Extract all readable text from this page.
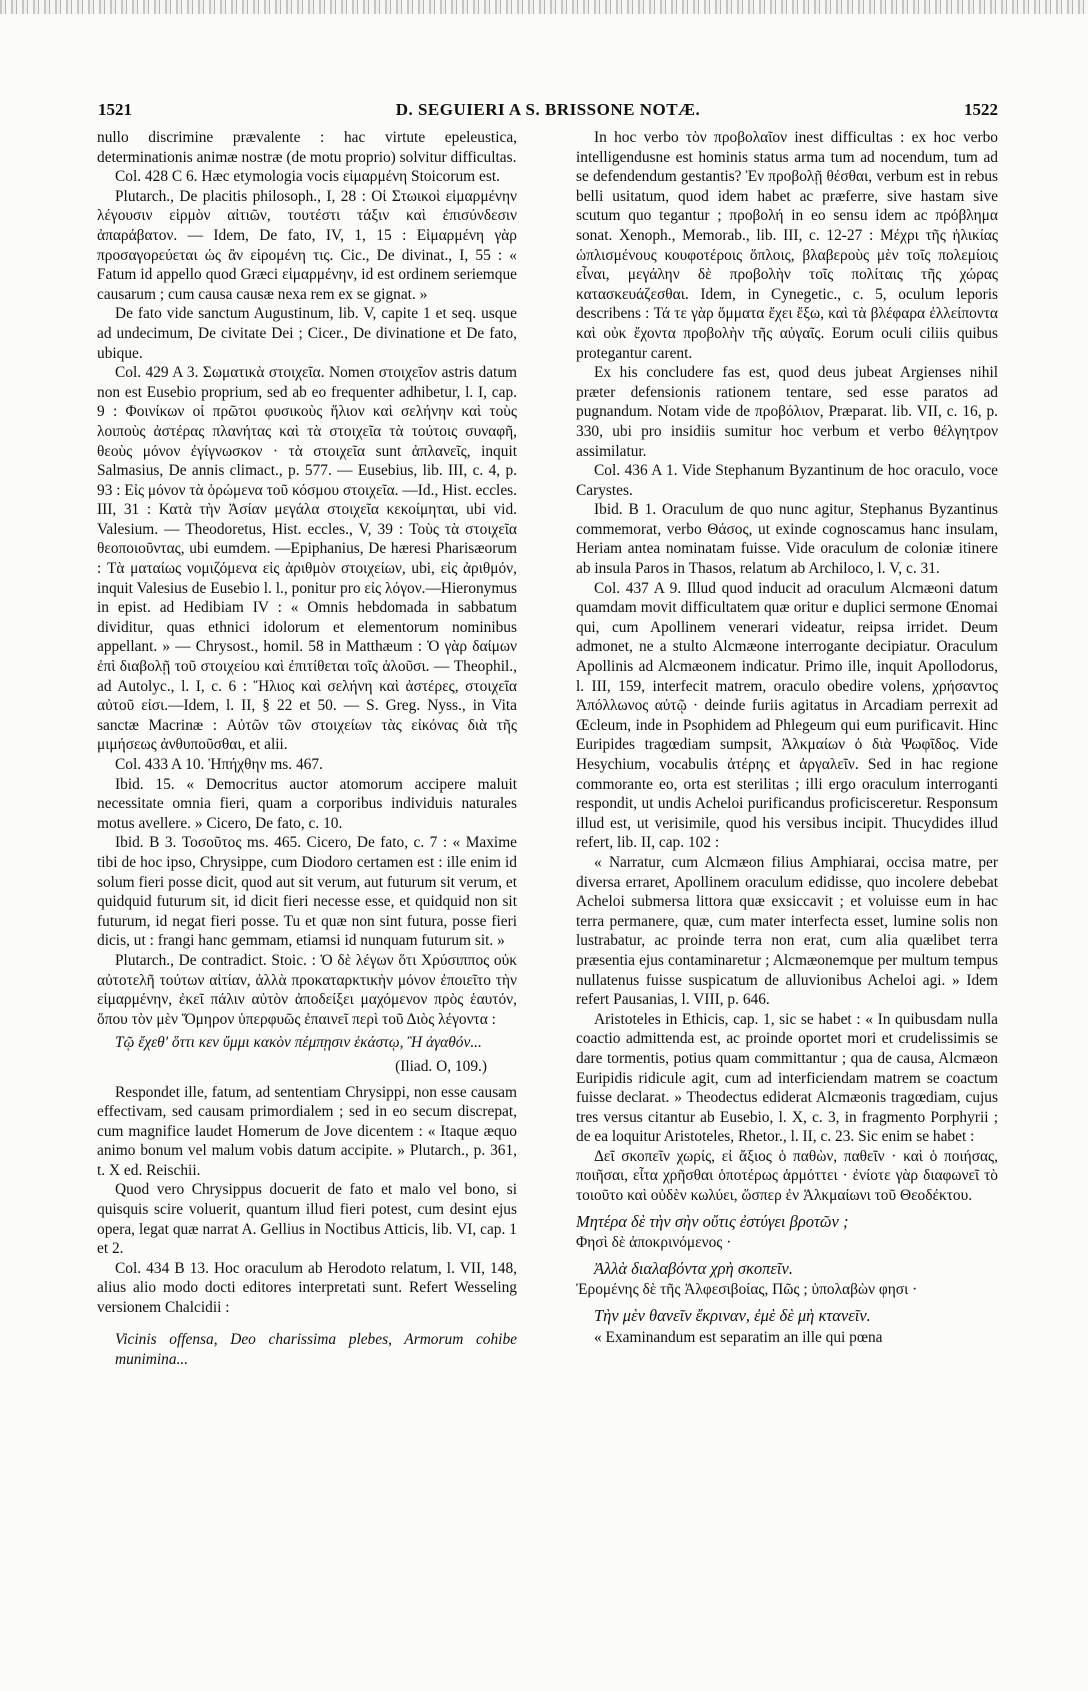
1521	D. SEGUIERI A S. BRISSONE NOTÆ.	1522

nullo discrimine prævalente : hac virtute epeleustica, determinationis animæ nostræ (de motu proprio) solvitur difficultas.

Col. 428 C 6. Hæc etymologia vocis εἱμαρμένη Stoicorum est.

Plutarch., De placitis philosoph., I, 28 : Οἱ Στωικοὶ εἱμαρμένην λέγουσιν εἱρμὸν αἰτιῶν, τουτέστι τάξιν καὶ ἐπισύνδεσιν ἀπαράβατον. — Idem, De fato, IV, 1, 15 : Εἱμαρμένη γὰρ προσαγορεύεται ὡς ἂν εἱρομένη τις. Cic., De divinat., I, 55 : « Fatum id appello quod Græci εἱμαρμένην, id est ordinem seriemque causarum ; cum causa causæ nexa rem ex se gignat. »

De fato vide sanctum Augustinum, lib. V, capite 1 et seq. usque ad undecimum, De civitate Dei ; Cicer., De divinatione et De fato, ubique.

Col. 429 A 3. Σωματικὰ στοιχεῖα. Nomen στοιχεῖον astris datum non est Eusebio proprium, sed ab eo frequenter adhibetur, l. I, cap. 9 : Φοινίκων οἱ πρῶτοι φυσικοὺς ἥλιον καὶ σελήνην καὶ τοὺς λοιποὺς ἀστέρας πλανήτας καὶ τὰ στοιχεῖα τὰ τούτοις συναφῆ, θεοὺς μόνον ἐγίγνωσκον · τὰ στοιχεῖα sunt ἀπλανεῖς, inquit Salmasius, De annis climact., p. 577. — Eusebius, lib. III, c. 4, p. 93 : Εἰς μόνον τὰ ὁρώμενα τοῦ κόσμου στοιχεῖα. —Id., Hist. eccles. III, 31 : Κατὰ τὴν Ἀσίαν μεγάλα στοιχεῖα κεκοίμηται, ubi vid. Valesium. — Theodoretus, Hist. eccles., V, 39 : Τοὺς τὰ στοιχεῖα θεοποιοῦντας, ubi eumdem. —Epiphanius, De hæresi Pharisæorum : Τὰ ματαίως νομιζόμενα εἰς ἀριθμὸν στοιχείων, ubi, εἰς ἀριθμόν, inquit Valesius de Eusebio l. l., ponitur pro εἰς λόγον.—Hieronymus in epist. ad Hedibiam IV : « Omnis hebdomada in sabbatum dividitur, quas ethnici idolorum et elementorum nominibus appellant. » — Chrysost., homil. 58 in Matthæum : Ὁ γὰρ δαίμων ἐπὶ διαβολῇ τοῦ στοιχείου καὶ ἐπιτίθεται τοῖς ἁλοῦσι. — Theophil., ad Autolyc., l. I, c. 6 : Ἥλιος καὶ σελήνη καὶ ἀστέρες, στοιχεῖα αὐτοῦ εἰσι.—Idem, l. II, § 22 et 50. — S. Greg. Nyss., in Vita sanctæ Macrinæ : Αὐτῶν τῶν στοιχείων τὰς εἰκόνας διὰ τῆς μιμήσεως ἀνθυποῦσθαι, et alii.

Col. 433 A 10. Ἠπήχθην ms. 467.

Ibid. 15. « Democritus auctor atomorum accipere maluit necessitate omnia fieri, quam a corporibus individuis naturales motus avellere. » Cicero, De fato, c. 10.

Ibid. B 3. Τοσοῦτος ms. 465. Cicero, De fato, c. 7 : « Maxime tibi de hoc ipso, Chrysippe, cum Diodoro certamen est : ille enim id solum fieri posse dicit, quod aut sit verum, aut futurum sit verum, et quidquid futurum sit, id dicit fieri necesse esse, et quidquid non sit futurum, id negat fieri posse. Tu et quæ non sint futura, posse fieri dicis, ut : frangi hanc gemmam, etiamsi id nunquam futurum sit. »

Plutarch., De contradict. Stoic. : Ὁ δὲ λέγων ὅτι Χρύσιππος οὐκ αὐτοτελῆ τούτων αἰτίαν, ἀλλὰ προκαταρκτικὴν μόνον ἐποιεῖτο τὴν εἱμαρμένην, ἐκεῖ πάλιν αὐτὸν ἀποδείξει μαχόμενον πρὸς ἑαυτόν, ὅπου τὸν μὲν Ὅμηρον ὑπερφυῶς ἐπαινεῖ περὶ τοῦ Διὸς λέγοντα :

Τῷ ἔχεθ' ὅττι κεν ὔμμι κακὸν πέμπῃσιν ἑκάστῳ, Ἢ ἀγαθόν...

(Iliad. O, 109.)

Respondet ille, fatum, ad sententiam Chrysippi, non esse causam effectivam, sed causam primordialem ; sed in eo secum discrepat, cum magnifice laudet Homerum de Jove dicentem : « Itaque æquo animo bonum vel malum vobis datum accipite. » Plutarch., p. 361, t. X ed. Reischii.

Quod vero Chrysippus docuerit de fato et malo vel bono, si quisquis scire voluerit, quantum illud fieri potest, cum desint ejus opera, legat quæ narrat A. Gellius in Noctibus Atticis, lib. VI, cap. 1 et 2.

Col. 434 B 13. Hoc oraculum ab Herodoto relatum, l. VII, 148, alius alio modo docti editores interpretati sunt. Refert Wesseling versionem Chalcidii :

Vicinis offensa, Deo charissima plebes, Armorum cohibe munimina...

In hoc verbo τὸν προβολαῖον inest difficultas : ex hoc verbo intelligendusne est hominis status arma tum ad nocendum, tum ad se defendendum gestantis? Ἐν προβολῇ θέσθαι, verbum est in rebus belli usitatum, quod idem habet ac præferre, sive hastam sive scutum quo tegantur ; προβολή in eo sensu idem ac πρόβλημα sonat. Xenoph., Memorab., lib. III, c. 12-27 : Μέχρι τῆς ἡλικίας ὡπλισμένους κουφοτέροις ὅπλοις, βλαβεροὺς μὲν τοῖς πολεμίοις εἶναι, μεγάλην δὲ προβολὴν τοῖς πολίταις τῆς χώρας κατασκευάζεσθαι. Idem, in Cynegetic., c. 5, oculum leporis describens : Τά τε γὰρ ὄμματα ἔχει ἔξω, καὶ τὰ βλέφαρα ἐλλείποντα καὶ οὐκ ἔχοντα προβολὴν τῆς αὐγαῖς. Eorum oculi ciliis quibus protegantur carent.

Ex his concludere fas est, quod deus jubeat Argienses nihil præter defensionis rationem tentare, sed esse paratos ad pugnandum. Notam vide de προβόλιον, Præparat. lib. VII, c. 16, p. 330, ubi pro insidiis sumitur hoc verbum et verbo θέλγητρον assimilatur.

Col. 436 A 1. Vide Stephanum Byzantinum de hoc oraculo, voce Carystes.

Ibid. B 1. Oraculum de quo nunc agitur, Stephanus Byzantinus commemorat, verbo Θάσος, ut exinde cognoscamus hanc insulam, Heriam antea nominatam fuisse. Vide oraculum de coloniæ itinere ab insula Paros in Thasos, relatum ab Archiloco, l. V, c. 31.

Col. 437 A 9. Illud quod inducit ad oraculum Alcmæoni datum quamdam movit difficultatem quæ oritur e duplici sermone Œnomai qui, cum Apollinem venerari videatur, reipsa irridet. Deum admonet, ne a stulto Alcmæone interrogante decipiatur. Oraculum Apollinis ad Alcmæonem indicatur. Primo ille, inquit Apollodorus, l. III, 159, interfecit matrem, oraculo obedire volens, χρήσαντος Ἀπόλλωνος αὐτῷ · deinde furiis agitatus in Arcadiam perrexit ad Œcleum, inde in Psophidem ad Phlegeum qui eum purificavit. Hinc Euripides tragœdiam sumpsit, Ἀλκμαίων ὁ διὰ Ψωφῖδος. Vide Hesychium, vocabulis ἀτέρης et ἀργαλεῖν. Sed in hac regione commorante eo, orta est sterilitas ; illi ergo oraculum interroganti respondit, ut undis Acheloi purificandus proficisceretur. Responsum illud est, ut verisimile, quod his versibus incipit. Thucydides illud refert, lib. II, cap. 102 :

« Narratur, cum Alcmæon filius Amphiarai, occisa matre, per diversa erraret, Apollinem oraculum edidisse, quo incolere debebat Acheloi submersa littora quæ exsiccavit ; et voluisse eum in hac terra permanere, quæ, cum mater interfecta esset, lumine solis non lustrabatur, ac proinde terra non erat, cum alia quælibet terra præsentia ejus contaminaretur ; Alcmæonemque per multum tempus nullatenus fuisse suspicatum de alluvionibus Acheloi agi. » Idem refert Pausanias, l. VIII, p. 646.

Aristoteles in Ethicis, cap. 1, sic se habet : « In quibusdam nulla coactio admittenda est, ac proinde oportet mori et crudelissimis se dare tormentis, potius quam committantur ; qua de causa, Alcmæon Euripidis ridicule agit, cum ad interficiendam matrem se coactum fuisse declarat. » Theodectus ediderat Alcmæonis tragœdiam, cujus tres versus citantur ab Eusebio, l. X, c. 3, in fragmento Porphyrii ; de ea loquitur Aristoteles, Rhetor., l. II, c. 23. Sic enim se habet :

Δεῖ σκοπεῖν χωρίς, εἰ ἄξιος ὁ παθὼν, παθεῖν · καὶ ὁ ποιήσας, ποιῆσαι, εἶτα χρῆσθαι ὁποτέρως ἁρμόττει · ἐνίοτε γὰρ διαφωνεῖ τὸ τοιοῦτο καὶ οὐδὲν κωλύει, ὥσπερ ἐν Ἀλκμαίωνι τοῦ Θεοδέκτου.

Μητέρα δὲ τὴν σὴν οὔτις ἐστύγει βροτῶν ;

Φησὶ δὲ ἀποκρινόμενος ·

Ἀλλὰ διαλαβόντα χρὴ σκοπεῖν.

Ἐρομένης δὲ τῆς Ἀλφεσιβοίας, Πῶς ; ὑπολαβὼν φησι ·

Τὴν μὲν θανεῖν ἔκριναν, ἐμὲ δὲ μὴ κτανεῖν.

« Examinandum est separatim an ille qui pœna
